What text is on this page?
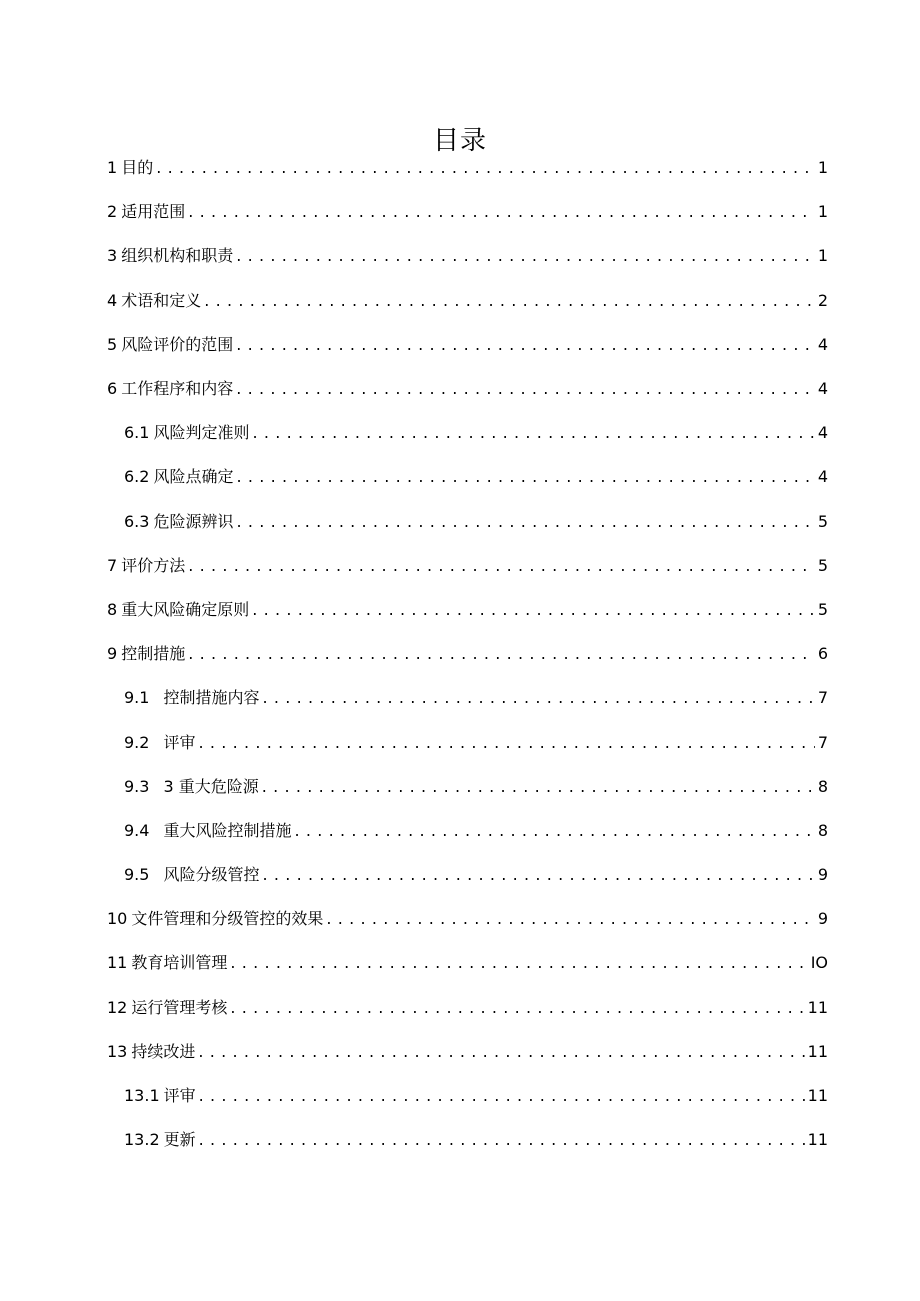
目录
1 目的 . . .	1
2 适用范围 . . .	1
3 组织机构和职责 . . .	1
4 术语和定义 . . .	2
5 风险评价的范围 . . .	4
6 工作程序和内容 . . .	4
6.1 风险判定准则 . . .	4
6.2 风险点确定 . . .	4
6.3 危险源辨识 . . .	5
7 评价方法 . . .	5
8 重大风险确定原则 . . .	5
9 控制措施 . . .	6
9.1 控制措施内容 . . .	7
9.2 评审 . . .	7
9.3 3 重大危险源 . . .	8
9.4 重大风险控制措施 . . .	8
9.5 风险分级管控 . . .	9
10 文件管理和分级管控的效果 . . .	9
11 教育培训管理 . . .	IO
12 运行管理考核 . . .	11
13 持续改进 . . .	11
13.1 评审 . . .	11
13.2 更新 . . .	11
